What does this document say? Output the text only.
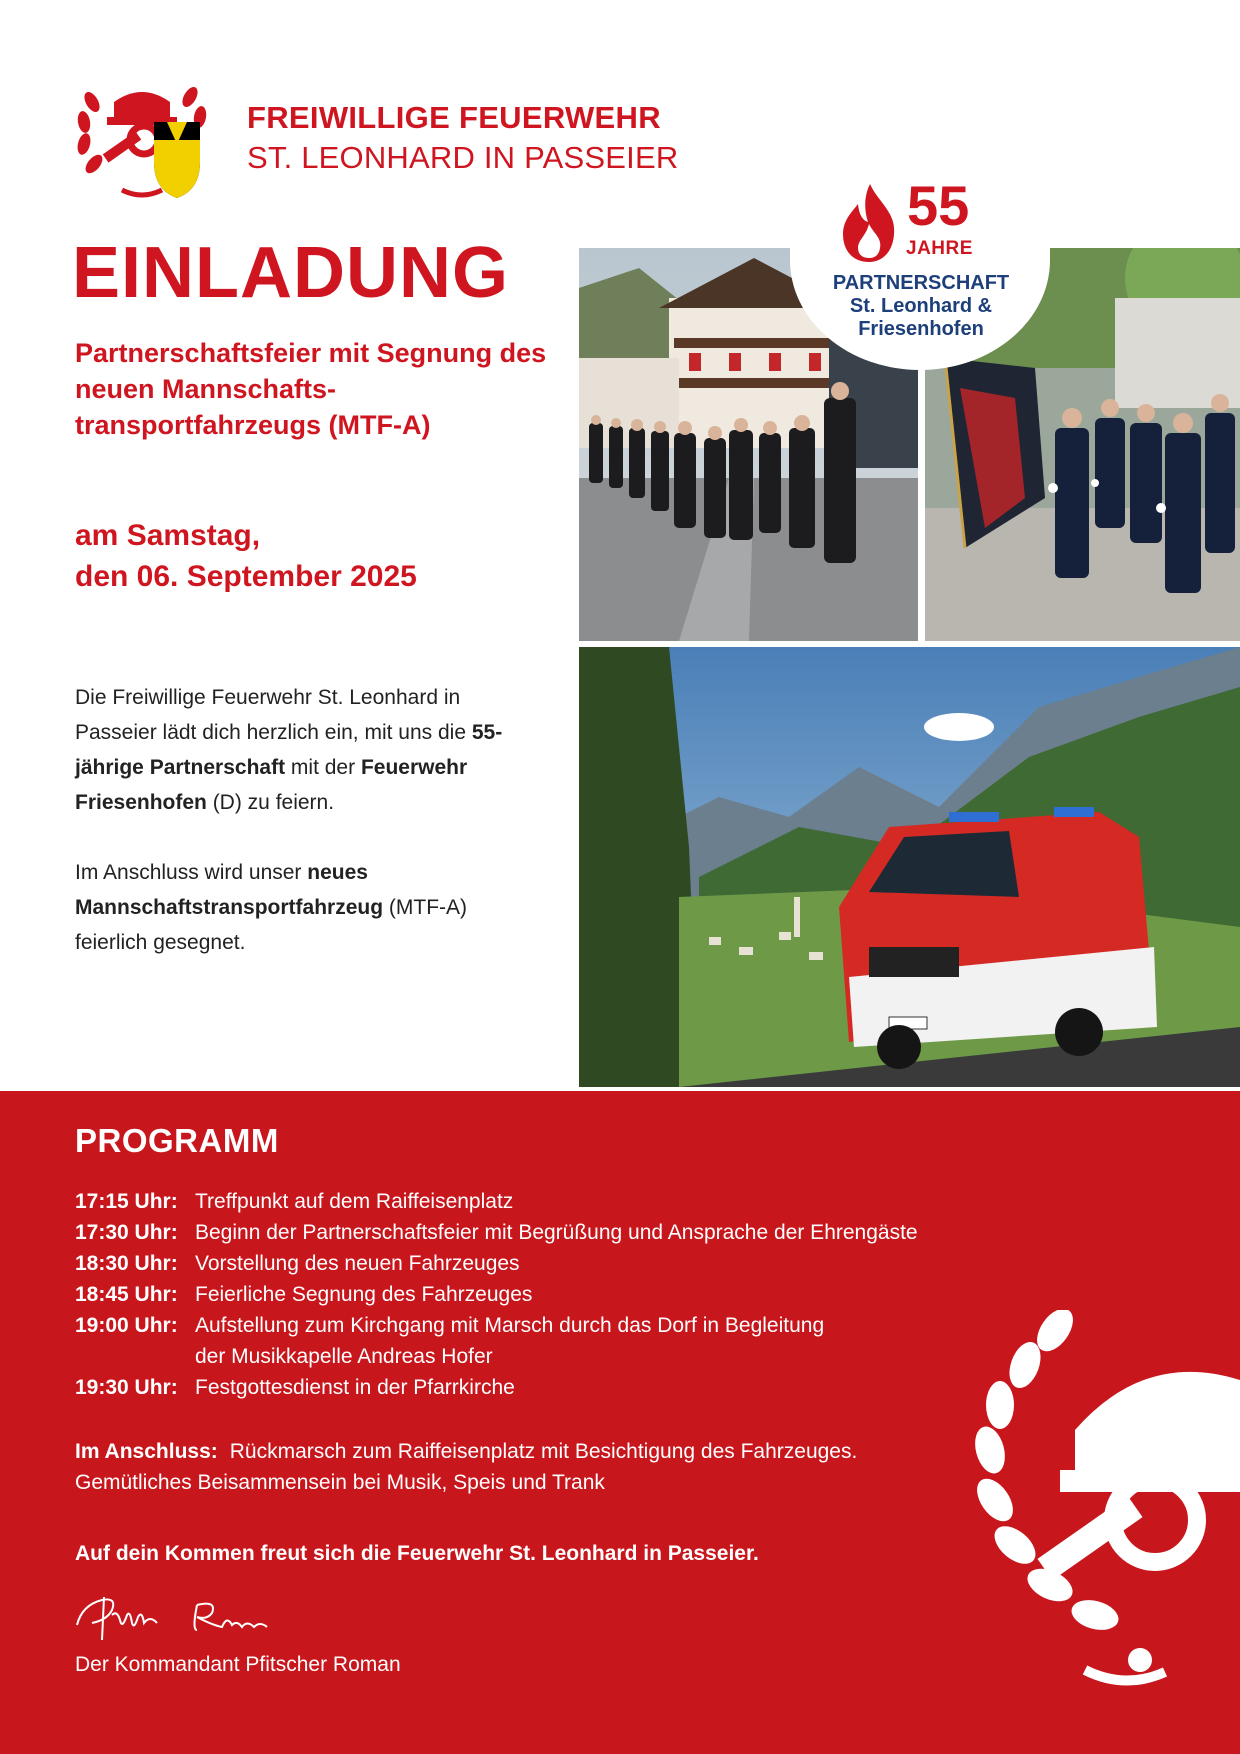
FREIWILLIGE FEUERWEHR
ST. LEONHARD IN PASSEIER
EINLADUNG

Partnerschaftsfeier mit Segnung des neuen Mannschafts-transportfahrzeugs (MTF-A)

am Samstag,
den 06. September 2025

Die Freiwillige Feuerwehr St. Leonhard in Passeier lädt dich herzlich ein, mit uns die 55-jährige Partnerschaft mit der Feuerwehr Friesenhofen (D) zu feiern.

Im Anschluss wird unser neues Mannschaftstransportfahrzeug (MTF-A) feierlich gesegnet.

55
JAHRE
PARTNERSCHAFT
St. Leonhard &
Friesenhofen
PROGRAMM
17:15 Uhr: Treffpunkt auf dem Raiffeisenplatz
17:30 Uhr: Beginn der Partnerschaftsfeier mit Begrüßung und Ansprache der Ehrengäste
18:30 Uhr: Vorstellung des neuen Fahrzeuges
18:45 Uhr: Feierliche Segnung des Fahrzeuges
19:00 Uhr: Aufstellung zum Kirchgang mit Marsch durch das Dorf in Begleitung
der Musikkapelle Andreas Hofer
19:30 Uhr: Festgottesdienst in der Pfarrkirche
Im Anschluss: Rückmarsch zum Raiffeisenplatz mit Besichtigung des Fahrzeuges.
Gemütliches Beisammensein bei Musik, Speis und Trank

Auf dein Kommen freut sich die Feuerwehr St. Leonhard in Passeier.

Pfitscher Roman

Der Kommandant Pfitscher Roman
